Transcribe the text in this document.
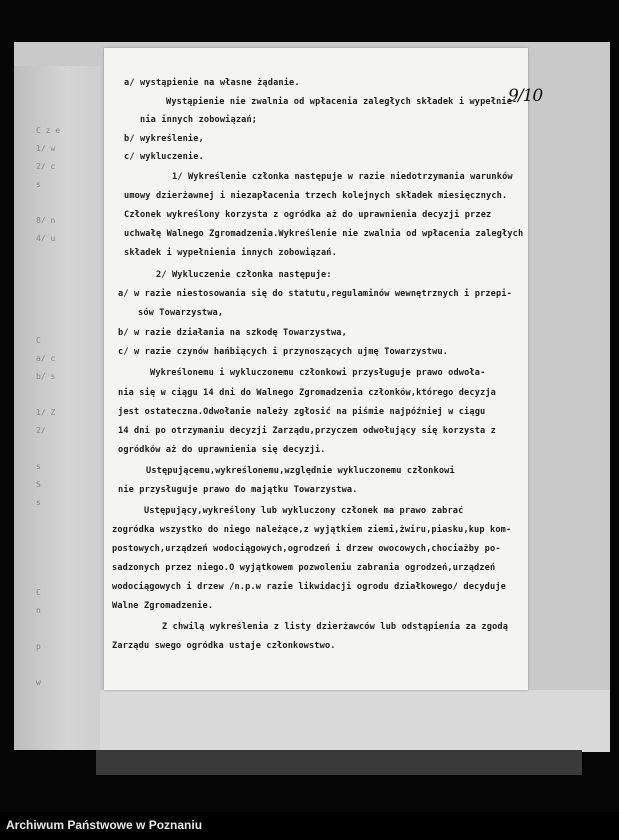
C z e
1/ w
2/ c
s
8/ n
4/ u
C
a/ c
b/ s
1/ Z
2/
s
S
s
C
n
p
w
9/10
a/ wystąpienie na własne żądanie.
Wystąpienie nie zwalnia od wpłacenia zaległych składek i wypełnie-
nia innych zobowiązań;
b/ wykreślenie,
c/ wykluczenie.
1/ Wykreślenie członka następuje w razie niedotrzymania warunków
umowy dzierżawnej i niezapłacenia trzech kolejnych składek miesięcznych.
Członek wykreślony korzysta z ogródka aż do uprawnienia decyzji przez
uchwałę Walnego Zgromadzenia.Wykreślenie nie zwalnia od wpłacenia zaległych
składek i wypełnienia innych zobowiązań.
2/ Wykluczenie członka następuje:
a/ w razie niestosowania się do statutu,regulaminów wewnętrznych i przepi-
sów Towarzystwa,
b/ w razie działania na szkodę Towarzystwa,
c/ w razie czynów hańbiących i przynoszących ujmę Towarzystwu.
Wykreślonemu i wykluczonemu członkowi przysługuje prawo odwoła-
nia się w ciągu 14 dni do Walnego Zgromadzenia członków,którego decyzja
jest ostateczna.Odwołanie należy zgłosić na piśmie najpóźniej w ciągu
14 dni po otrzymaniu decyzji Zarządu,przyczem odwołujący się korzysta z
ogródków aż do uprawnienia się decyzji.
Ustępującemu,wykreślonemu,względnie wykluczonemu członkowi
nie przysługuje prawo do majątku Towarzystwa.
Ustępujący,wykreślony lub wykluczony członek ma prawo zabrać
zogródka wszystko do niego należące,z wyjątkiem ziemi,żwiru,piasku,kup kom-
postowych,urządzeń wodociągowych,ogrodzeń i drzew owocowych,chociażby po-
sadzonych przez niego.O wyjątkowem pozwoleniu zabrania ogrodzeń,urządzeń
wodociągowych i drzew /n.p.w razie likwidacji ogrodu działkowego/ decyduje
Walne Zgromadzenie.
Z chwilą wykreślenia z listy dzierżawców lub odstąpienia za zgodą
Zarządu swego ogródka ustaje członkowstwo.
Archiwum Państwowe w Poznaniu
